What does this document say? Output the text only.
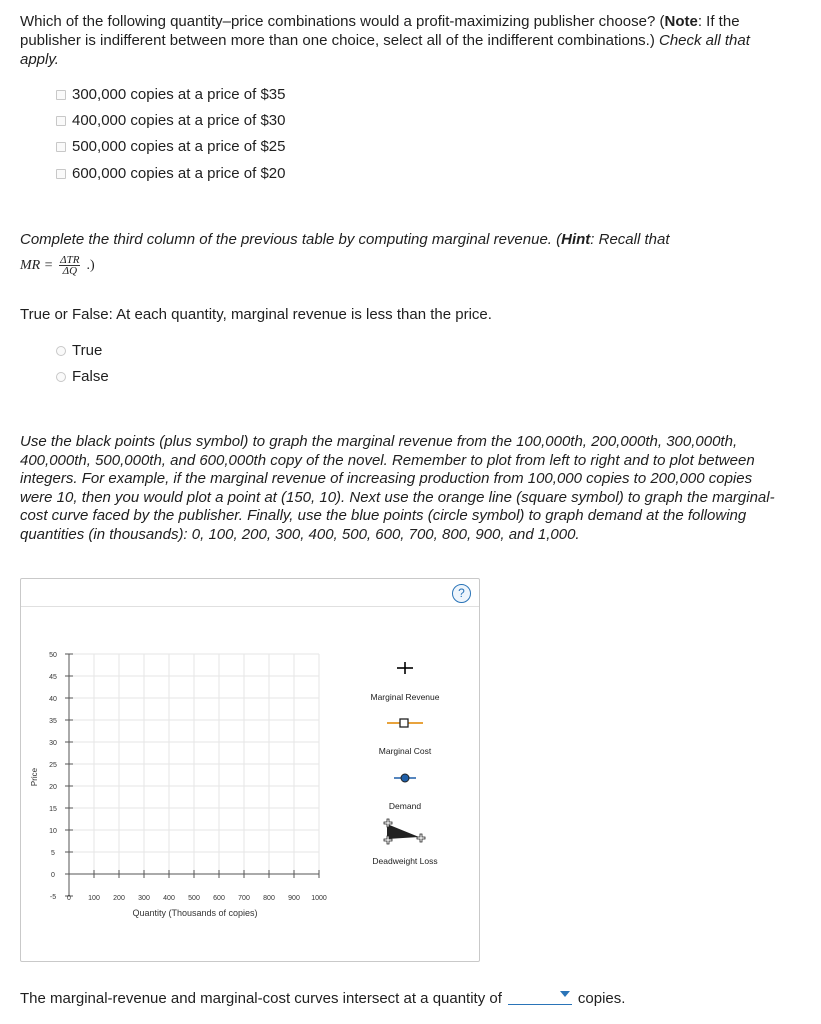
Which of the following quantity–price combinations would a profit-maximizing publisher choose? (Note: If the publisher is indifferent between more than one choice, select all of the indifferent combinations.) Check all that apply.
300,000 copies at a price of $35
400,000 copies at a price of $30
500,000 copies at a price of $25
600,000 copies at a price of $20
Complete the third column of the previous table by computing marginal revenue. (Hint: Recall that
MR = $\frac{\text{ΔTR}}{\Delta Q}$ .)
True or False: At each quantity, marginal revenue is less than the price.
True
False
Use the black points (plus symbol) to graph the marginal revenue from the 100,000th, 200,000th, 300,000th, 400,000th, 500,000th, and 600,000th copy of the novel. Remember to plot from left to right and to plot between integers. For example, if the marginal revenue of increasing production from 100,000 copies to 200,000 copies were 10, then you would plot a point at (150, 10). Next use the orange line (square symbol) to graph the marginal-cost curve faced by the publisher. Finally, use the blue points (circle symbol) to graph demand at the following quantities (in thousands): 0, 100, 200, 300, 400, 500, 600, 700, 800, 900, and 1,000.
?
50
45
40
35
30
25
20
15
10
5
0
-5 0 100 200 300 400 500 600 700 800 900 1000
Price
Quantity (Thousands of copies)
Marginal Revenue
Marginal Cost
Demand
Deadweight Loss
The marginal-revenue and marginal-cost curves intersect at a quantity of	copies.
